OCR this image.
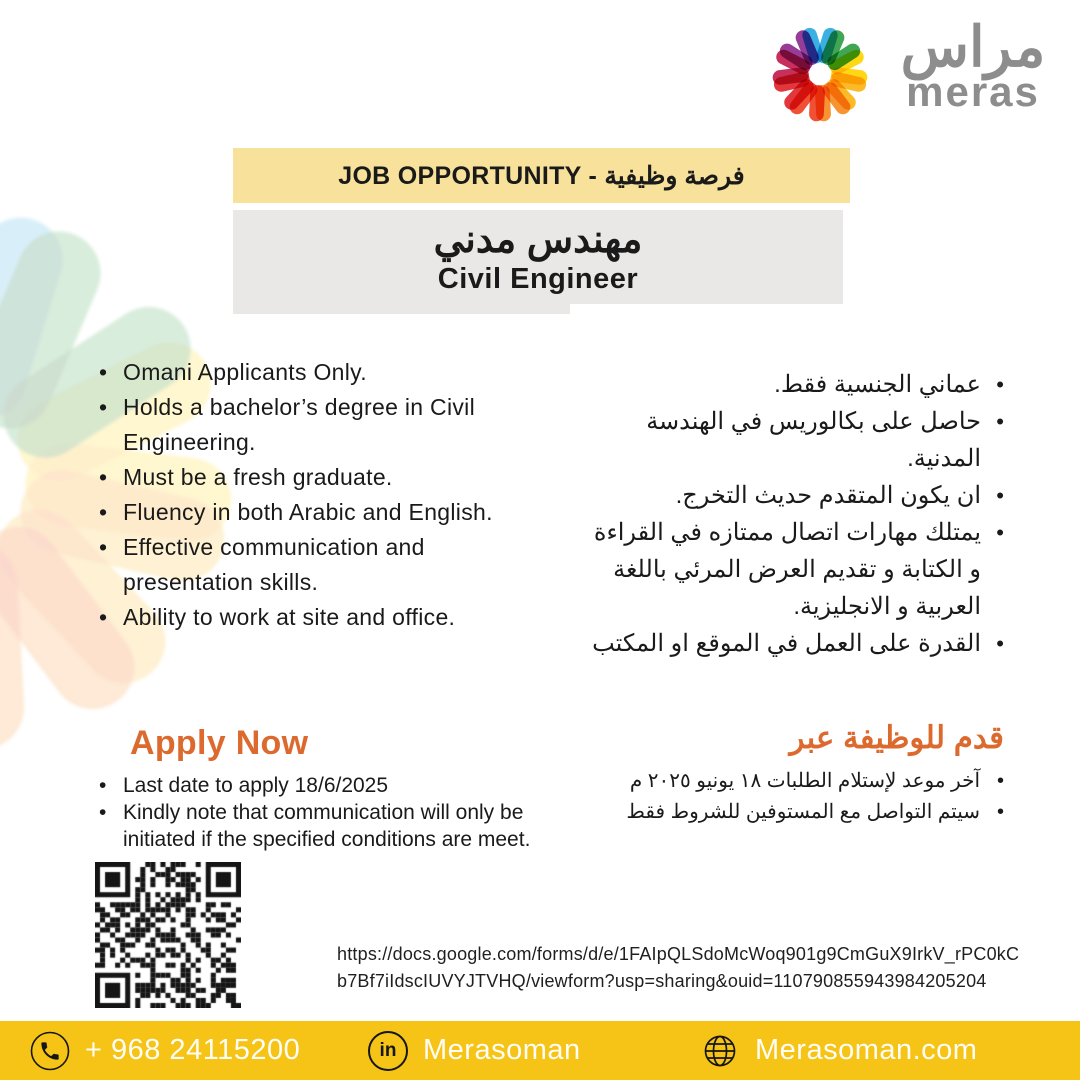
مراس
meras
JOB OPPORTUNITY - فرصة وظيفية
مهندس مدني
Civil Engineer
• Omani Applicants Only.
• Holds a bachelor’s degree in Civil Engineering.
• Must be a fresh graduate.
• Fluency in both Arabic and English.
• Effective communication and presentation skills.
• Ability to work at site and office.
• عماني الجنسية فقط.
• حاصل على بكالوريس في الهندسة المدنية.
• ان يكون المتقدم حديث التخرج.
• يمتلك مهارات اتصال ممتازه في القراءة و الكتابة و تقديم العرض المرئي باللغة العربية و الانجليزية.
• القدرة على العمل في الموقع او المكتب
Apply Now
• Last date to apply 18/6/2025
• Kindly note that communication will only be initiated if the specified conditions are meet.
قدم للوظيفة عبر
• آخر موعد لإستلام الطلبات ١٨ يونيو ٢٠٢٥ م
• سيتم التواصل مع المستوفين للشروط فقط
https://docs.google.com/forms/d/e/1FAIpQLSdoMcWoq901g9CmGuX9IrkV_rPC0kC
b7Bf7iIdscIUVYJTVHQ/viewform?usp=sharing&ouid=110790855943984205204
+ 968 24115200	in Merasoman	Merasoman.com
